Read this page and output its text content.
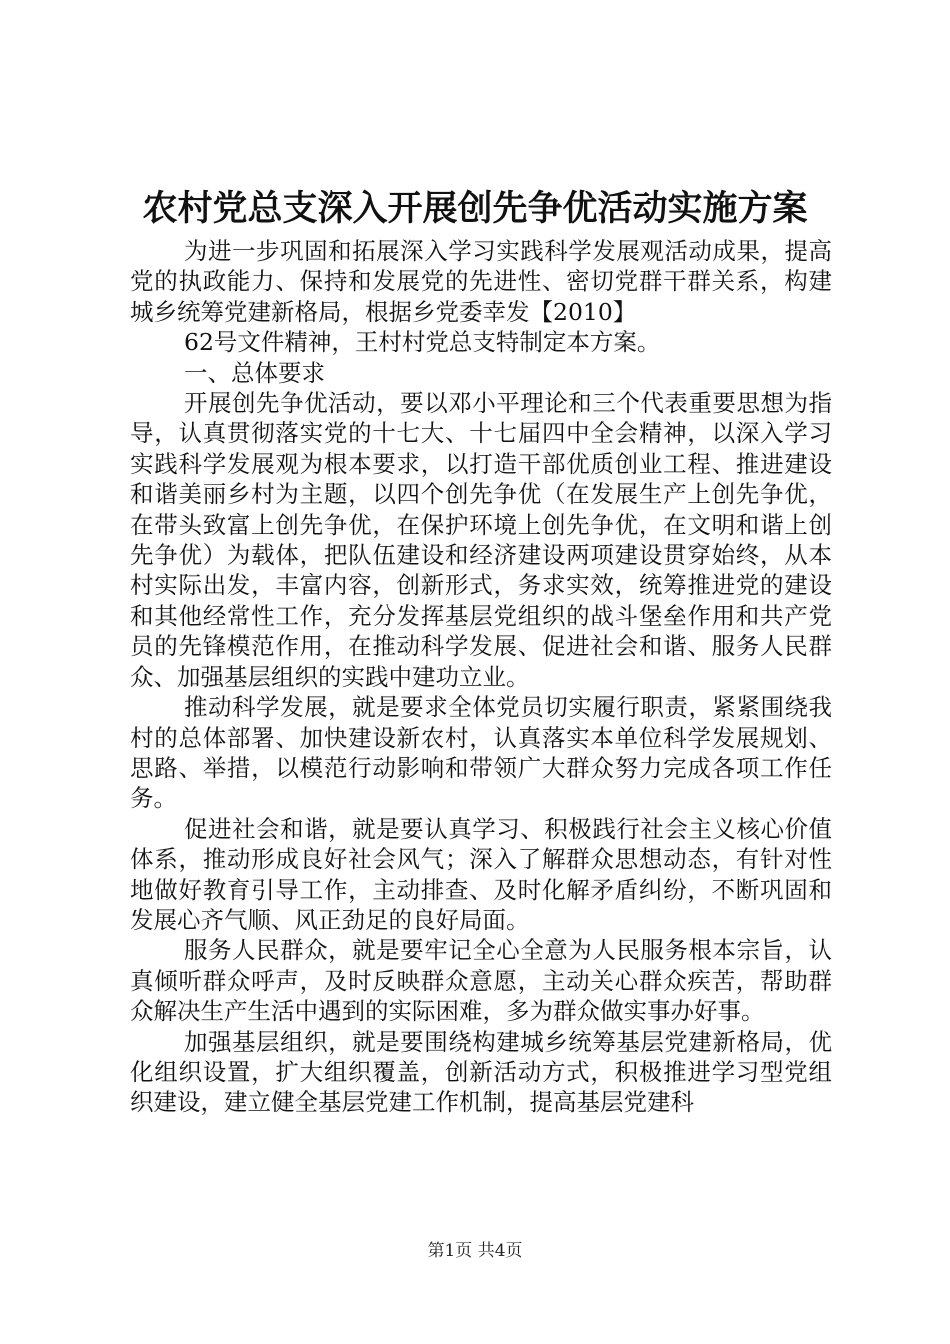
农村党总支深入开展创先争优活动实施方案

为进一步巩固和拓展深入学习实践科学发展观活动成果，提高党的执政能力、保持和发展党的先进性、密切党群干群关系，构建城乡统筹党建新格局，根据乡党委幸发【2010】

62号文件精神，王村村党总支特制定本方案。

一、总体要求

开展创先争优活动，要以邓小平理论和三个代表重要思想为指导，认真贯彻落实党的十七大、十七届四中全会精神，以深入学习实践科学发展观为根本要求，以打造干部优质创业工程、推进建设和谐美丽乡村为主题，以四个创先争优（在发展生产上创先争优，在带头致富上创先争优，在保护环境上创先争优，在文明和谐上创先争优）为载体，把队伍建设和经济建设两项建设贯穿始终，从本村实际出发，丰富内容，创新形式，务求实效，统筹推进党的建设和其他经常性工作，充分发挥基层党组织的战斗堡垒作用和共产党员的先锋模范作用，在推动科学发展、促进社会和谐、服务人民群众、加强基层组织的实践中建功立业。

推动科学发展，就是要求全体党员切实履行职责，紧紧围绕我村的总体部署、加快建设新农村，认真落实本单位科学发展规划、思路、举措，以模范行动影响和带领广大群众努力完成各项工作任务。

促进社会和谐，就是要认真学习、积极践行社会主义核心价值体系，推动形成良好社会风气；深入了解群众思想动态，有针对性地做好教育引导工作，主动排查、及时化解矛盾纠纷，不断巩固和发展心齐气顺、风正劲足的良好局面。

服务人民群众，就是要牢记全心全意为人民服务根本宗旨，认真倾听群众呼声，及时反映群众意愿，主动关心群众疾苦，帮助群众解决生产生活中遇到的实际困难，多为群众做实事办好事。

加强基层组织，就是要围绕构建城乡统筹基层党建新格局，优化组织设置，扩大组织覆盖，创新活动方式，积极推进学习型党组织建设，建立健全基层党建工作机制，提高基层党建科

第1页 共4页
